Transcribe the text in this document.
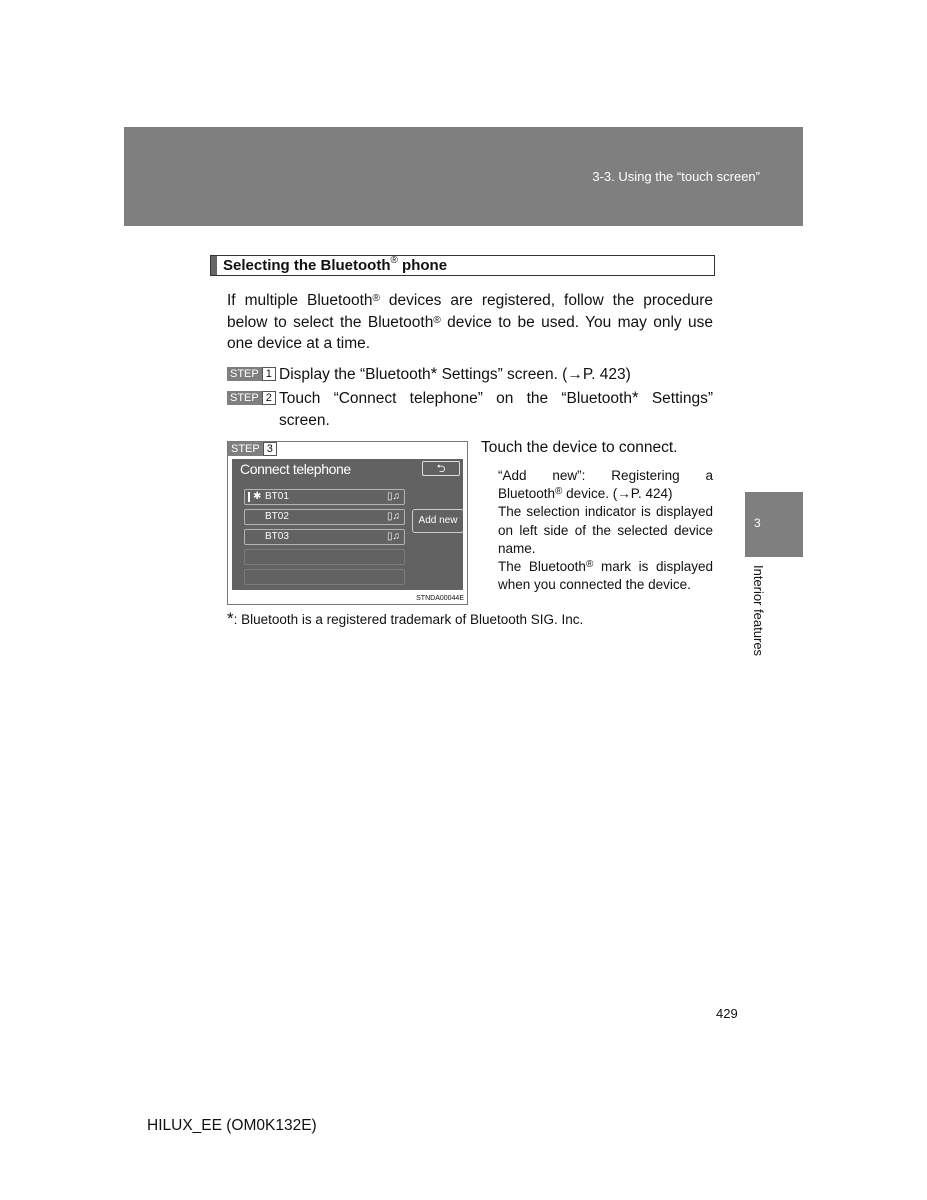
3-3. Using the “touch screen”
Selecting the Bluetooth® phone
If multiple Bluetooth® devices are registered, follow the procedure below to select the Bluetooth® device to be used. You may only use one device at a time.
STEP 1 Display the “Bluetooth* Settings” screen. (→P. 423)
STEP 2 Touch “Connect telephone” on the “Bluetooth* Settings” screen.
STEP 3
Connect telephone	⮌
✱ BT01	▯♫
BT02	▯♫
BT03	▯♫
Add new
STNDA00044E
Touch the device to connect.

“Add new”: Registering a Bluetooth® device. (→P. 424)

The selection indicator is displayed on left side of the selected device name.

The Bluetooth® mark is displayed when you connected the device.

*: Bluetooth is a registered trademark of Bluetooth SIG. Inc.
3
Interior features
429
HILUX_EE (OM0K132E)
